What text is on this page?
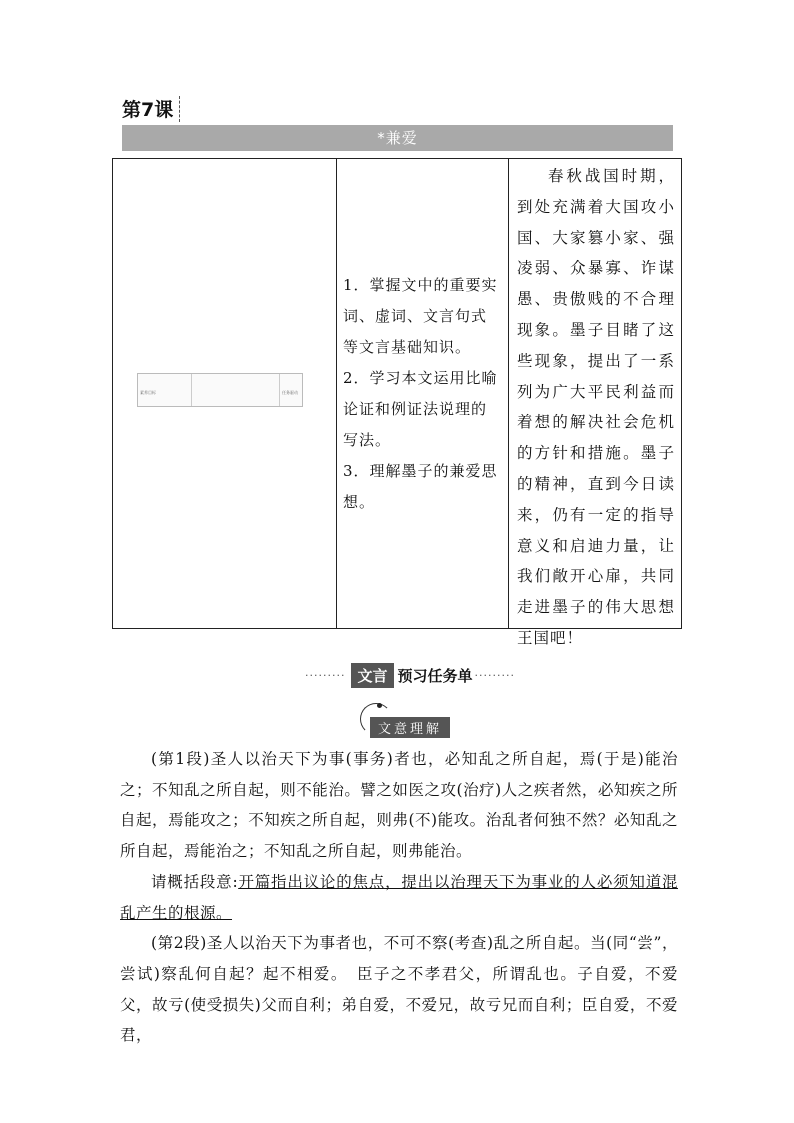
第7课
*兼爱
素养目标	任务驱动

1．掌握文中的重要实词、虚词、文言句式等文言基础知识。

2．学习本文运用比喻论证和例证法说理的写法。

3．理解墨子的兼爱思想。

春秋战国时期，到处充满着大国攻小国、大家篡小家、强凌弱、众暴寡、诈谋愚、贵傲贱的不合理现象。墨子目睹了这些现象，提出了一系列为广大平民利益而着想的解决社会危机的方针和措施。墨子的精神，直到今日读来，仍有一定的指导意义和启迪力量，让我们敞开心扉，共同走进墨子的伟大思想王国吧！

········· 文言 预习任务单 ·········
文意理解

(第1段)圣人以治天下为事(事务)者也，必知乱之所自起，焉(于是)能治之；不知乱之所自起，则不能治。譬之如医之攻(治疗)人之疾者然，必知疾之所自起，焉能攻之；不知疾之所自起，则弗(不)能攻。治乱者何独不然？必知乱之所自起，焉能治之；不知乱之所自起，则弗能治。

请概括段意:开篇指出议论的焦点，提出以治理天下为事业的人必须知道混乱产生的根源。

(第2段)圣人以治天下为事者也，不可不察(考查)乱之所自起。当(同“尝”，尝试)察乱何自起？起不相爱。　臣子之不孝君父，所谓乱也。子自爱，不爱父，故亏(使受损失)父而自利；弟自爱，不爱兄，故亏兄而自利；臣自爱，不爱君，
